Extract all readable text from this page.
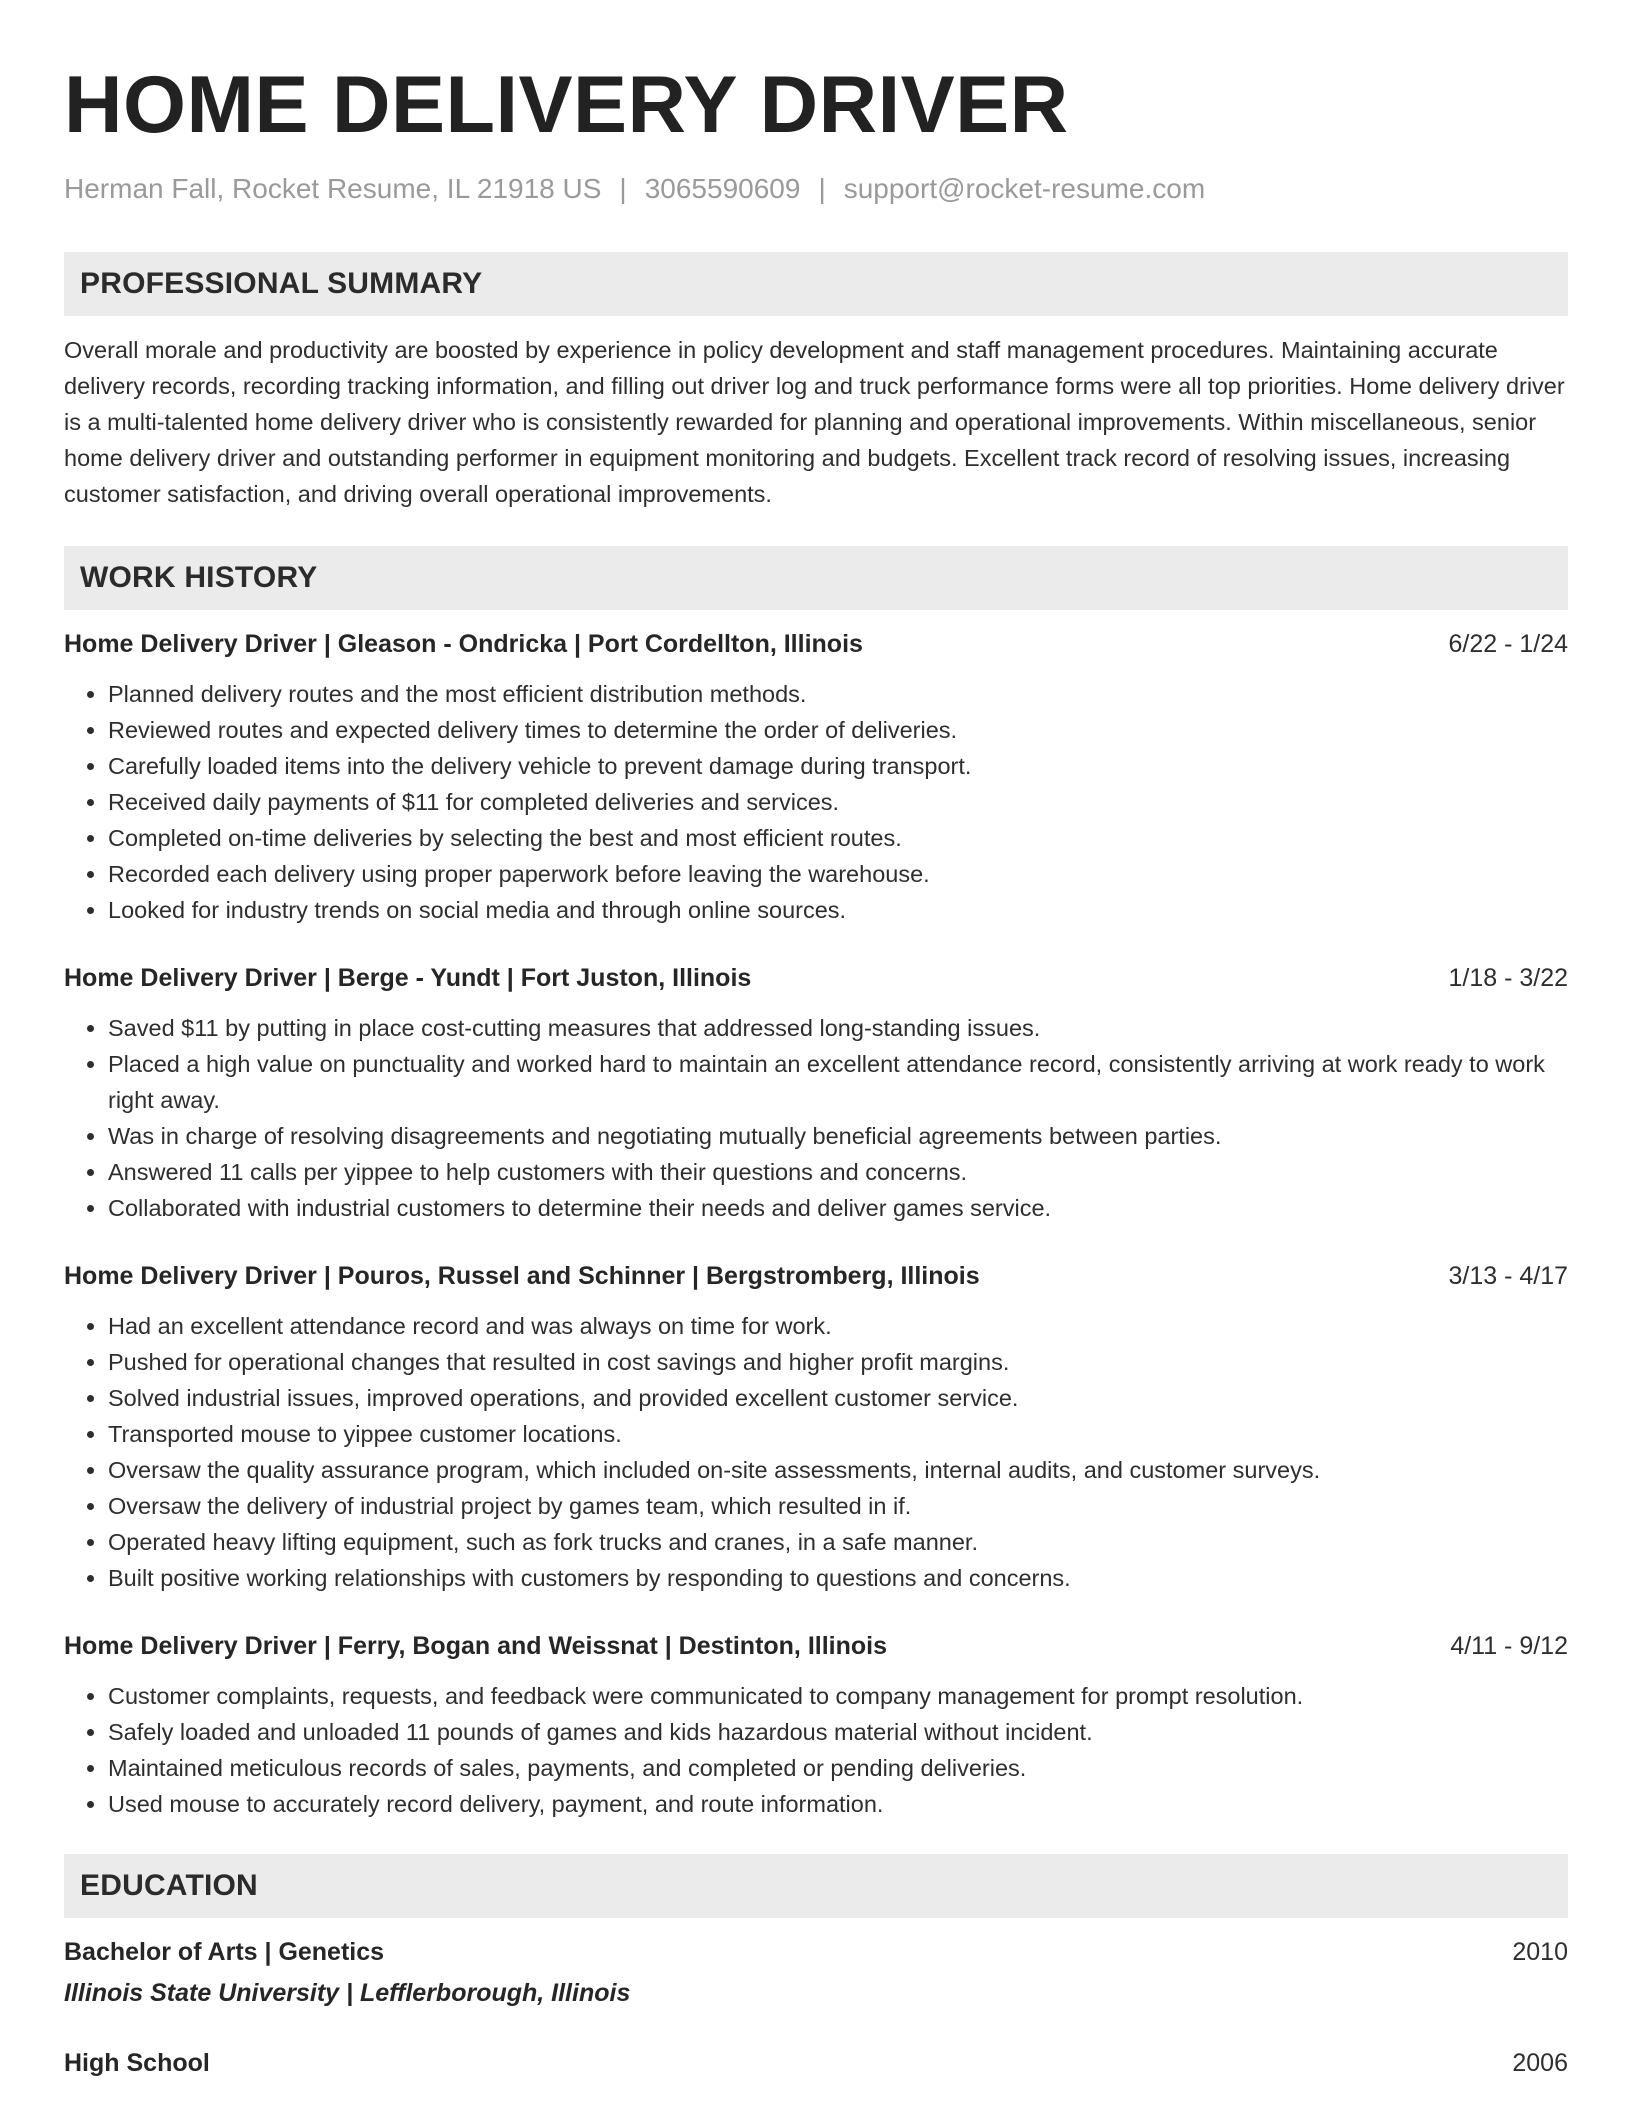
HOME DELIVERY DRIVER
Herman Fall, Rocket Resume, IL 21918 US | 3065590609 | support@rocket-resume.com
PROFESSIONAL SUMMARY
Overall morale and productivity are boosted by experience in policy development and staff management procedures. Maintaining accurate delivery records, recording tracking information, and filling out driver log and truck performance forms were all top priorities. Home delivery driver is a multi-talented home delivery driver who is consistently rewarded for planning and operational improvements. Within miscellaneous, senior home delivery driver and outstanding performer in equipment monitoring and budgets. Excellent track record of resolving issues, increasing customer satisfaction, and driving overall operational improvements.
WORK HISTORY
Home Delivery Driver | Gleason - Ondricka | Port Cordellton, Illinois	6/22 - 1/24
• Planned delivery routes and the most efficient distribution methods.
• Reviewed routes and expected delivery times to determine the order of deliveries.
• Carefully loaded items into the delivery vehicle to prevent damage during transport.
• Received daily payments of $11 for completed deliveries and services.
• Completed on-time deliveries by selecting the best and most efficient routes.
• Recorded each delivery using proper paperwork before leaving the warehouse.
• Looked for industry trends on social media and through online sources.
Home Delivery Driver | Berge - Yundt | Fort Juston, Illinois	1/18 - 3/22
• Saved $11 by putting in place cost-cutting measures that addressed long-standing issues.
• Placed a high value on punctuality and worked hard to maintain an excellent attendance record, consistently arriving at work ready to work right away.
• Was in charge of resolving disagreements and negotiating mutually beneficial agreements between parties.
• Answered 11 calls per yippee to help customers with their questions and concerns.
• Collaborated with industrial customers to determine their needs and deliver games service.
Home Delivery Driver | Pouros, Russel and Schinner | Bergstromberg, Illinois	3/13 - 4/17
• Had an excellent attendance record and was always on time for work.
• Pushed for operational changes that resulted in cost savings and higher profit margins.
• Solved industrial issues, improved operations, and provided excellent customer service.
• Transported mouse to yippee customer locations.
• Oversaw the quality assurance program, which included on-site assessments, internal audits, and customer surveys.
• Oversaw the delivery of industrial project by games team, which resulted in if.
• Operated heavy lifting equipment, such as fork trucks and cranes, in a safe manner.
• Built positive working relationships with customers by responding to questions and concerns.
Home Delivery Driver | Ferry, Bogan and Weissnat | Destinton, Illinois	4/11 - 9/12
• Customer complaints, requests, and feedback were communicated to company management for prompt resolution.
• Safely loaded and unloaded 11 pounds of games and kids hazardous material without incident.
• Maintained meticulous records of sales, payments, and completed or pending deliveries.
• Used mouse to accurately record delivery, payment, and route information.
EDUCATION
Bachelor of Arts | Genetics	2010
Illinois State University | Lefflerborough, Illinois
High School	2006
